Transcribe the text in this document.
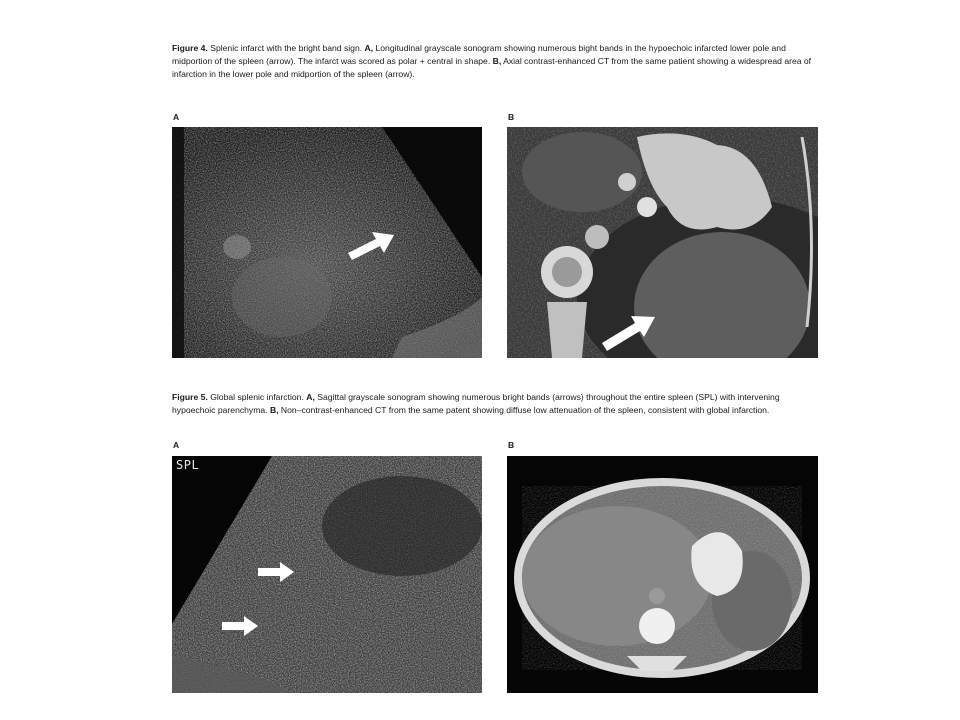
Figure 4. Splenic infarct with the bright band sign. A, Longitudinal grayscale sonogram showing numerous bight bands in the hypoechoic infarcted lower pole and midportion of the spleen (arrow). The infarct was scored as polar + central in shape. B, Axial contrast-enhanced CT from the same patient showing a widespread area of infarction in the lower pole and midportion of the spleen (arrow).

A	B

Figure 5. Global splenic infarction. A, Sagittal grayscale sonogram showing numerous bright bands (arrows) throughout the entire spleen (SPL) with intervening hypoechoic parenchyma. B, Non–contrast-enhanced CT from the same patent showing diffuse low attenuation of the spleen, consistent with global infarction.

A	B
SPL
